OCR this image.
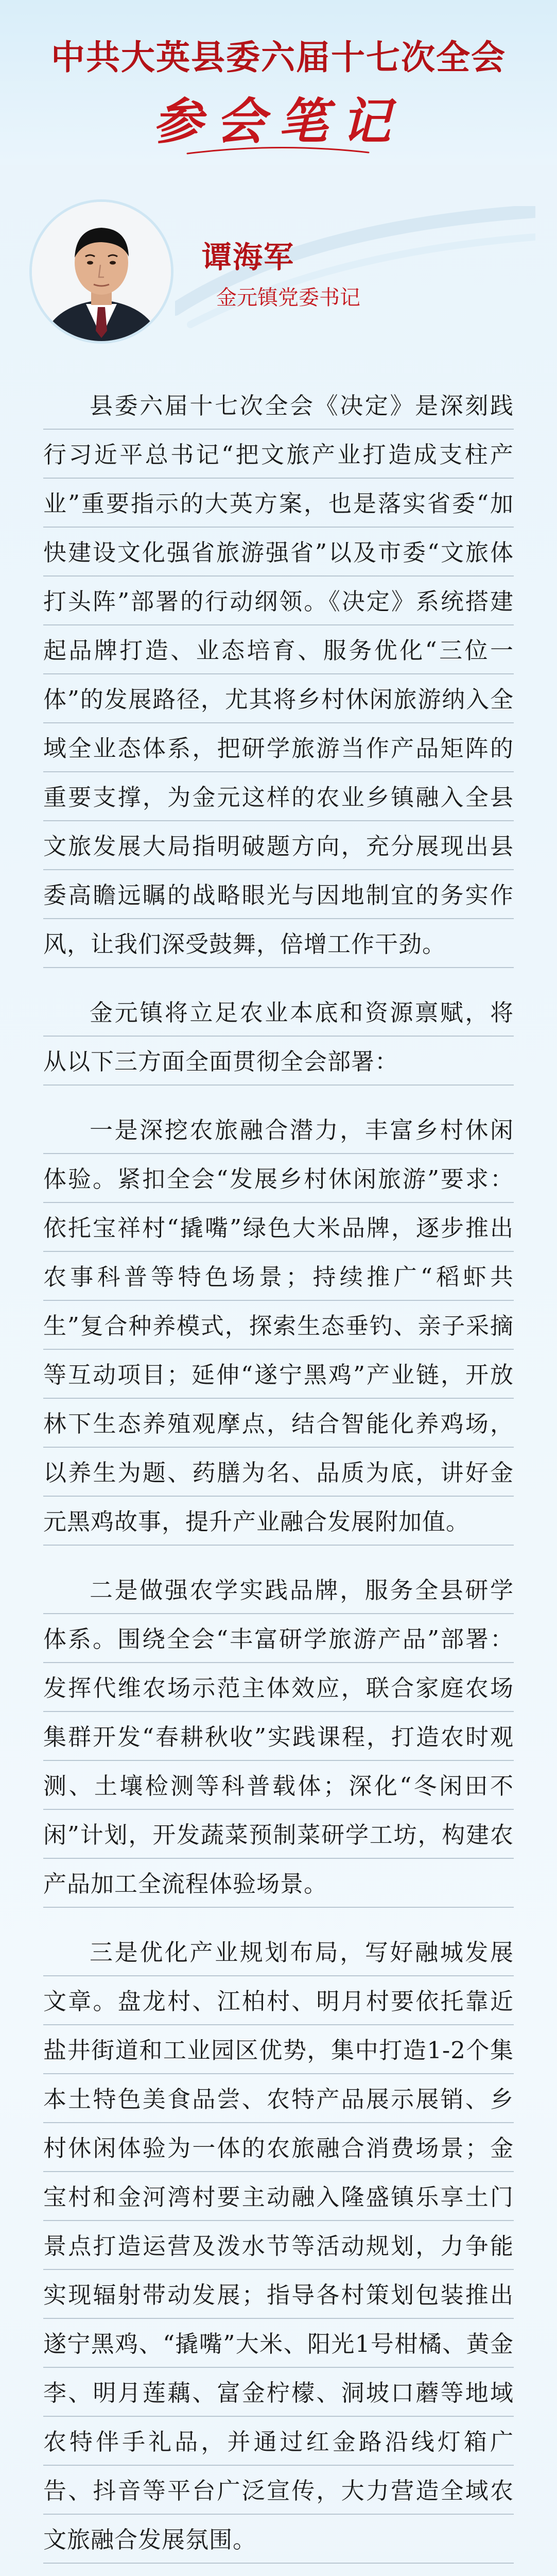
中共大英县委六届十七次全会
参会笔记
谭海军
金元镇党委书记

县委六届十七次全会《决定》是深刻践行习近平总书记“把文旅产业打造成支柱产业”重要指示的大英方案，也是落实省委“加快建设文化强省旅游强省”以及市委“文旅体打头阵”部署的行动纲领。《决定》系统搭建起品牌打造、业态培育、服务优化“三位一体”的发展路径，尤其将乡村休闲旅游纳入全域全业态体系，把研学旅游当作产品矩阵的重要支撑，为金元这样的农业乡镇融入全县文旅发展大局指明破题方向，充分展现出县委高瞻远瞩的战略眼光与因地制宜的务实作风，让我们深受鼓舞，倍增工作干劲。

金元镇将立足农业本底和资源禀赋，将从以下三方面全面贯彻全会部署：

一是深挖农旅融合潜力，丰富乡村休闲体验。紧扣全会“发展乡村休闲旅游”要求：依托宝祥村“撬嘴”绿色大米品牌，逐步推出农事科普等特色场景；持续推广“稻虾共生”复合种养模式，探索生态垂钓、亲子采摘等互动项目；延伸“遂宁黑鸡”产业链，开放林下生态养殖观摩点，结合智能化养鸡场，以养生为题、药膳为名、品质为底，讲好金元黑鸡故事，提升产业融合发展附加值。

二是做强农学实践品牌，服务全县研学体系。围绕全会“丰富研学旅游产品”部署：发挥代维农场示范主体效应，联合家庭农场集群开发“春耕秋收”实践课程，打造农时观测、土壤检测等科普载体；深化“冬闲田不闲”计划，开发蔬菜预制菜研学工坊，构建农产品加工全流程体验场景。

三是优化产业规划布局，写好融城发展文章。盘龙村、江柏村、明月村要依托靠近盐井街道和工业园区优势，集中打造1-2个集本土特色美食品尝、农特产品展示展销、乡村休闲体验为一体的农旅融合消费场景；金宝村和金河湾村要主动融入隆盛镇乐享土门景点打造运营及泼水节等活动规划，力争能实现辐射带动发展；指导各村策划包装推出遂宁黑鸡、“撬嘴”大米、阳光1号柑橘、黄金李、明月莲藕、富金柠檬、洞坡口蘑等地域农特伴手礼品，并通过红金路沿线灯箱广告、抖音等平台广泛宣传，大力营造全域农文旅融合发展氛围。
